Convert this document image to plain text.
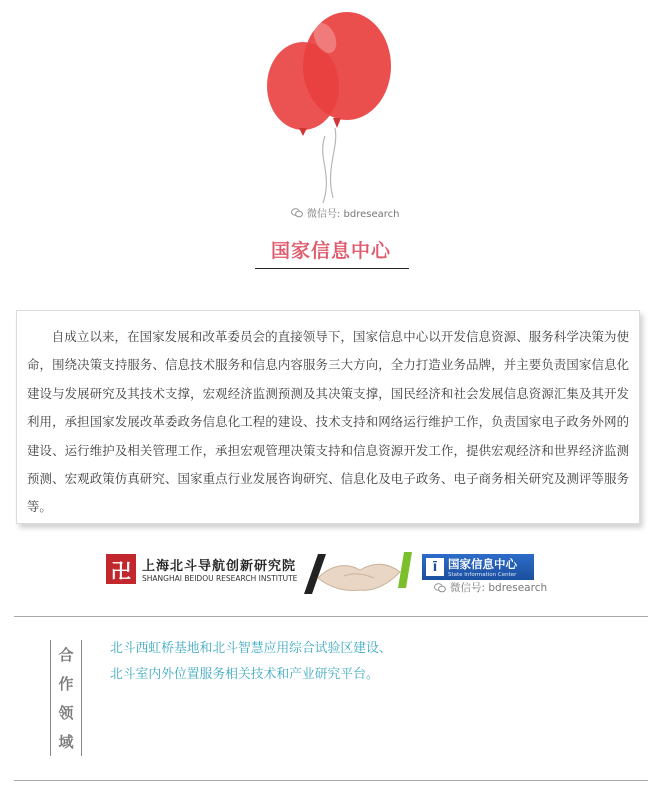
微信号: bdresearch
国家信息中心

自成立以来，在国家发展和改革委员会的直接领导下，国家信息中心以开发信息资源、服务科学决策为使命，围绕决策支持服务、信息技术服务和信息内容服务三大方向，全力打造业务品牌，并主要负责国家信息化建设与发展研究及其技术支撑，宏观经济监测预测及其决策支撑，国民经济和社会发展信息资源汇集及其开发利用，承担国家发展改革委政务信息化工程的建设、技术支持和网络运行维护工作，负责国家电子政务外网的建设、运行维护及相关管理工作，承担宏观管理决策支持和信息资源开发工作，提供宏观经济和世界经济监测预测、宏观政策仿真研究、国家重点行业发展咨询研究、信息化及电子政务、电子商务相关研究及测评等服务等。

卍 上海北斗导航创新研究院
SHANGHAI BEIDOU RESEARCH INSTITUTE
ī 国家信息中心
State Information Center
微信号: bdresearch
合
作
领
域
北斗西虹桥基地和北斗智慧应用综合试验区建设、
北斗室内外位置服务相关技术和产业研究平台。
